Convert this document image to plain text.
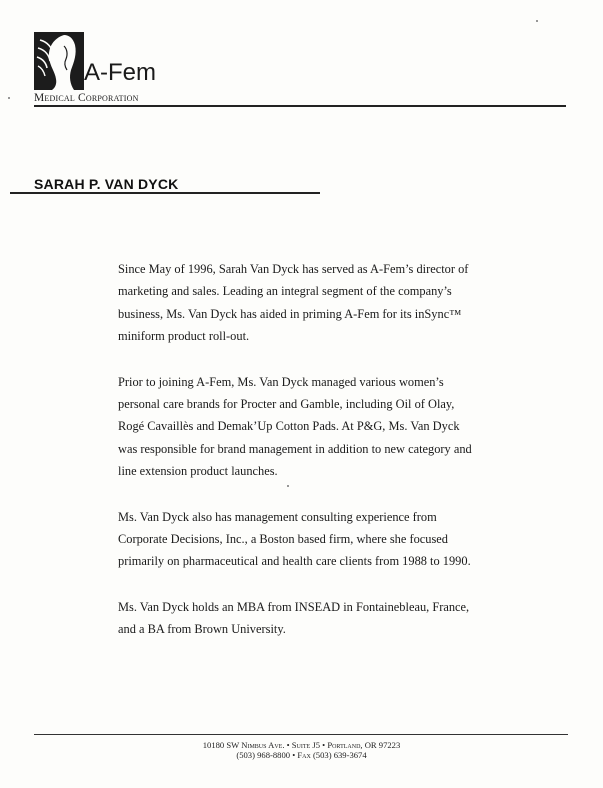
A-Fem
Medical Corporation
SARAH P. VAN DYCK

Since May of 1996, Sarah Van Dyck has served as A-Fem’s director of marketing and sales. Leading an integral segment of the company’s business, Ms. Van Dyck has aided in priming A-Fem for its inSync™ miniform product roll-out.

Prior to joining A-Fem, Ms. Van Dyck managed various women’s personal care brands for Procter and Gamble, including Oil of Olay, Rogé Cavaillès and Demak’Up Cotton Pads. At P&G, Ms. Van Dyck was responsible for brand management in addition to new category and line extension product launches.

Ms. Van Dyck also has management consulting experience from Corporate Decisions, Inc., a Boston based firm, where she focused primarily on pharmaceutical and health care clients from 1988 to 1990.

Ms. Van Dyck holds an MBA from INSEAD in Fontainebleau, France, and a BA from Brown University.

10180 SW Nimbus Ave. • Suite J5 • Portland, OR 97223
(503) 968-8800 • Fax (503) 639-3674
